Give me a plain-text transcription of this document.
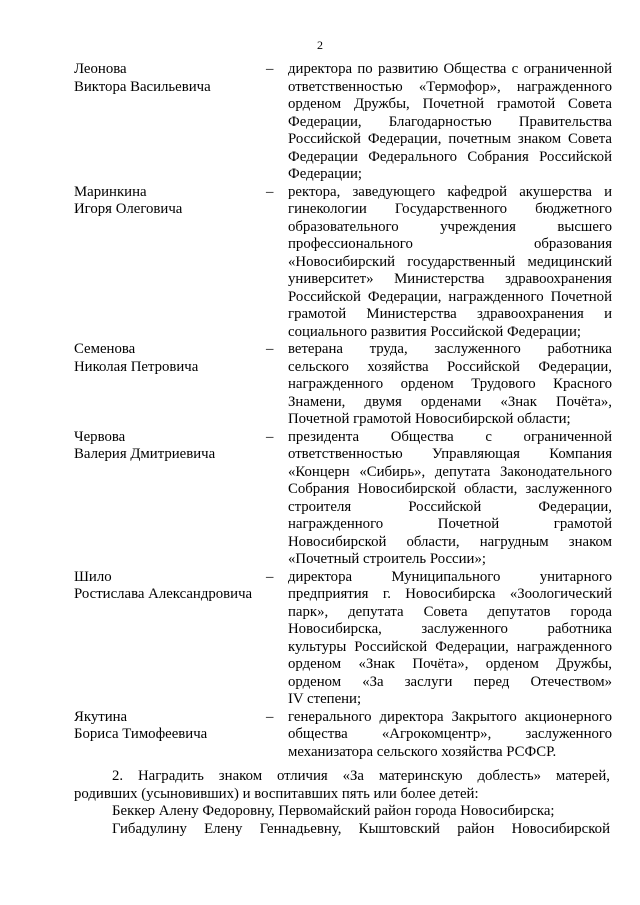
2
Леонова
Виктора Васильевича
– директора по развитию Общества с ограниченной
ответственностью «Термофор», награжденного
орденом Дружбы, Почетной грамотой Совета
Федерации, Благодарностью Правительства
Российской Федерации, почетным знаком Совета
Федерации Федерального Собрания Российской
Федерации;
Маринкина
Игоря Олеговича
– ректора, заведующего кафедрой акушерства и
гинекологии Государственного бюджетного
образовательного учреждения высшего
профессионального образования
«Новосибирский государственный медицинский
университет» Министерства здравоохранения
Российской Федерации, награжденного Почетной
грамотой Министерства здравоохранения и
социального развития Российской Федерации;
Семенова
Николая Петровича
– ветерана труда, заслуженного работника
сельского хозяйства Российской Федерации,
награжденного орденом Трудового Красного
Знамени, двумя орденами «Знак Почёта»,
Почетной грамотой Новосибирской области;
Червова
Валерия Дмитриевича
– президента Общества с ограниченной
ответственностью Управляющая Компания
«Концерн «Сибирь», депутата Законодательного
Собрания Новосибирской области, заслуженного
строителя Российской Федерации,
награжденного Почетной грамотой
Новосибирской области, нагрудным знаком
«Почетный строитель России»;
Шило
Ростислава Александровича
– директора Муниципального унитарного
предприятия г. Новосибирска «Зоологический
парк», депутата Совета депутатов города
Новосибирска, заслуженного работника
культуры Российской Федерации, награжденного
орденом «Знак Почёта», орденом Дружбы,
орденом «За заслуги перед Отечеством»
IV степени;
Якутина
Бориса Тимофеевича
– генерального директора Закрытого акционерного
общества «Агрокомцентр», заслуженного
механизатора сельского хозяйства РСФСР.
2. Наградить знаком отличия «За материнскую доблесть» матерей,
родивших (усыновивших) и воспитавших пять или более детей:
Беккер Алену Федоровну, Первомайский район города Новосибирска;
Гибадулину Елену Геннадьевну, Кыштовский район Новосибирской
